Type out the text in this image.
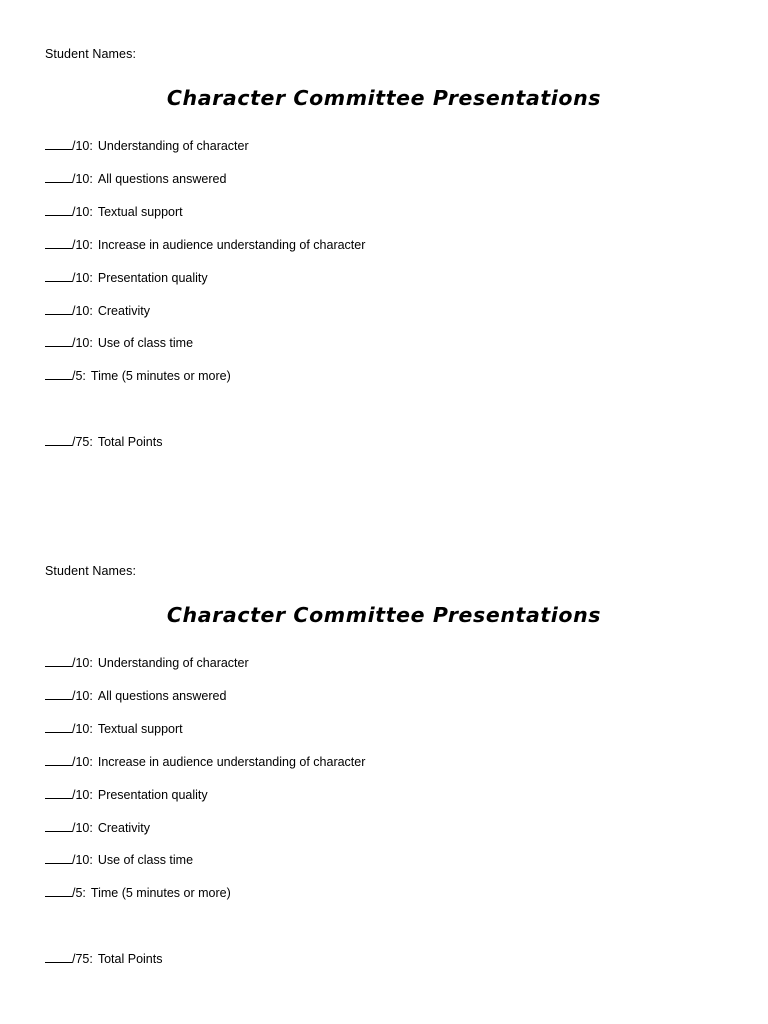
Student Names:
Character Committee Presentations
/10: Understanding of character
/10: All questions answered
/10: Textual support
/10: Increase in audience understanding of character
/10: Presentation quality
/10: Creativity
/10: Use of class time
/5: Time (5 minutes or more)
/75: Total Points
Student Names:
Character Committee Presentations
/10: Understanding of character
/10: All questions answered
/10: Textual support
/10: Increase in audience understanding of character
/10: Presentation quality
/10: Creativity
/10: Use of class time
/5: Time (5 minutes or more)
/75: Total Points
